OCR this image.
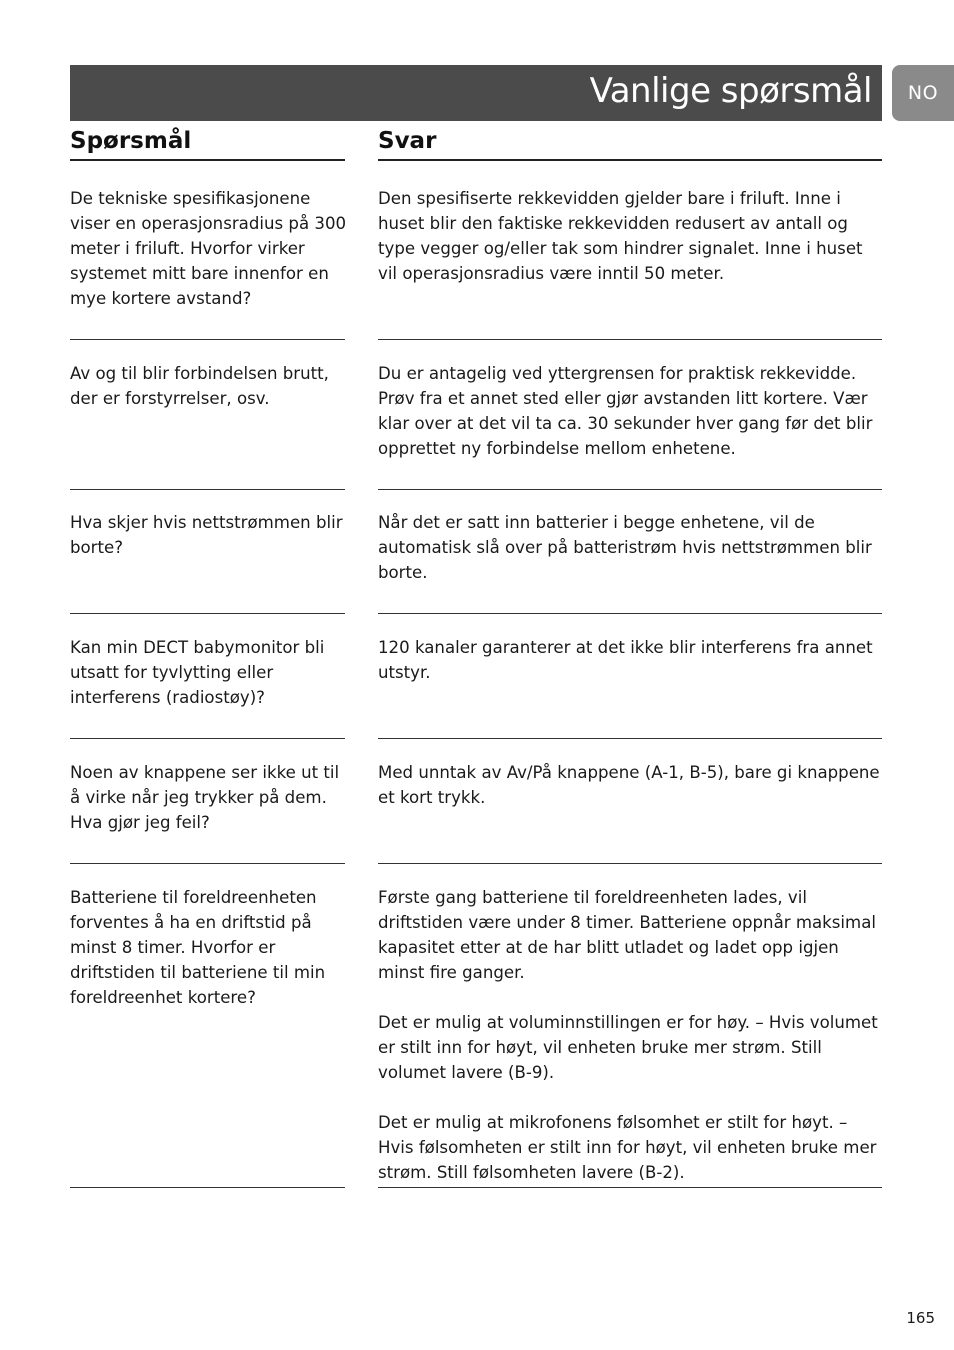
Vanlige spørsmål	NO
Spørsmål	Svar
De tekniske spesifikasjonene viser en operasjonsradius på 300 meter i friluft. Hvorfor virker systemet mitt bare innenfor en mye kortere avstand?

Den spesifiserte rekkevidden gjelder bare i friluft. Inne i huset blir den faktiske rekkevidden redusert av antall og type vegger og/eller tak som hindrer signalet. Inne i huset vil operasjonsradius være inntil 50 meter.

Av og til blir forbindelsen brutt, der er forstyrrelser, osv.

Du er antagelig ved yttergrensen for praktisk rekkevidde. Prøv fra et annet sted eller gjør avstanden litt kortere. Vær klar over at det vil ta ca. 30 sekunder hver gang før det blir opprettet ny forbindelse mellom enhetene.

Hva skjer hvis nettstrømmen blir borte?

Når det er satt inn batterier i begge enhetene, vil de automatisk slå over på batteristrøm hvis nettstrømmen blir borte.

Kan min DECT babymonitor bli utsatt for tyvlytting eller interferens (radiostøy)?

120 kanaler garanterer at det ikke blir interferens fra annet utstyr.

Noen av knappene ser ikke ut til å virke når jeg trykker på dem. Hva gjør jeg feil?

Med unntak av Av/På knappene (A-1, B-5), bare gi knappene et kort trykk.

Batteriene til foreldreenheten forventes å ha en driftstid på minst 8 timer. Hvorfor er driftstiden til batteriene til min foreldreenhet kortere?

Første gang batteriene til foreldreenheten lades, vil driftstiden være under 8 timer. Batteriene oppnår maksimal kapasitet etter at de har blitt utladet og ladet opp igjen minst fire ganger.

Det er mulig at voluminnstillingen er for høy. – Hvis volumet er stilt inn for høyt, vil enheten bruke mer strøm. Still volumet lavere (B-9).

Det er mulig at mikrofonens følsomhet er stilt for høyt. – Hvis følsomheten er stilt inn for høyt, vil enheten bruke mer strøm. Still følsomheten lavere (B-2).

165
